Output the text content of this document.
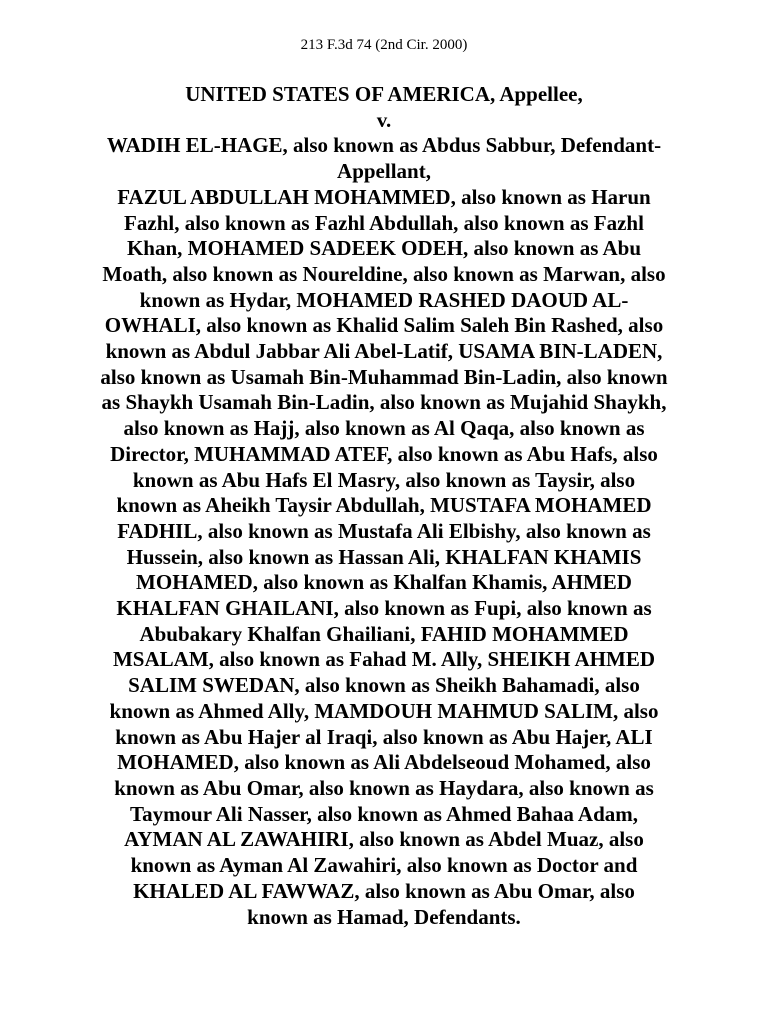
213 F.3d 74 (2nd Cir. 2000)
UNITED STATES OF AMERICA, Appellee,
v.
WADIH EL-HAGE, also known as Abdus Sabbur, Defendant-
Appellant,
FAZUL ABDULLAH MOHAMMED, also known as Harun
Fazhl, also known as Fazhl Abdullah, also known as Fazhl
Khan, MOHAMED SADEEK ODEH, also known as Abu
Moath, also known as Noureldine, also known as Marwan, also
known as Hydar, MOHAMED RASHED DAOUD AL-
OWHALI, also known as Khalid Salim Saleh Bin Rashed, also
known as Abdul Jabbar Ali Abel-Latif, USAMA BIN-LADEN,
also known as Usamah Bin-Muhammad Bin-Ladin, also known
as Shaykh Usamah Bin-Ladin, also known as Mujahid Shaykh,
also known as Hajj, also known as Al Qaqa, also known as
Director, MUHAMMAD ATEF, also known as Abu Hafs, also
known as Abu Hafs El Masry, also known as Taysir, also
known as Aheikh Taysir Abdullah, MUSTAFA MOHAMED
FADHIL, also known as Mustafa Ali Elbishy, also known as
Hussein, also known as Hassan Ali, KHALFAN KHAMIS
MOHAMED, also known as Khalfan Khamis, AHMED
KHALFAN GHAILANI, also known as Fupi, also known as
Abubakary Khalfan Ghailiani, FAHID MOHAMMED
MSALAM, also known as Fahad M. Ally, SHEIKH AHMED
SALIM SWEDAN, also known as Sheikh Bahamadi, also
known as Ahmed Ally, MAMDOUH MAHMUD SALIM, also
known as Abu Hajer al Iraqi, also known as Abu Hajer, ALI
MOHAMED, also known as Ali Abdelseoud Mohamed, also
known as Abu Omar, also known as Haydara, also known as
Taymour Ali Nasser, also known as Ahmed Bahaa Adam,
AYMAN AL ZAWAHIRI, also known as Abdel Muaz, also
known as Ayman Al Zawahiri, also known as Doctor and
KHALED AL FAWWAZ, also known as Abu Omar, also
known as Hamad, Defendants.
